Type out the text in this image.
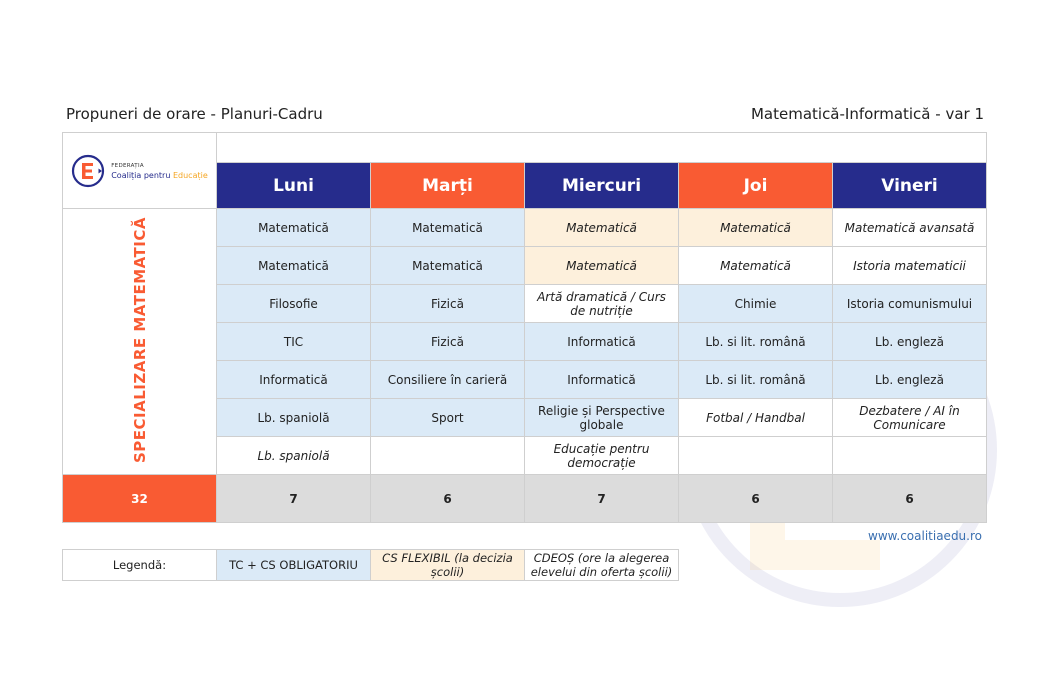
Propuneri de orare - Planuri-Cadru	Matematică-Informatică - var 1
FEDERAȚIA
Coaliția pentru Educație					

	Luni	Marți	Miercuri	Joi	Vineri
SPECIALIZARE MATEMATICĂ	Matematică	Matematică	Matematică	Matematică	Matematică avansată
	Matematică	Matematică	Matematică	Matematică	Istoria matematicii
	Filosofie	Fizică	Artă dramatică / Curs de nutriție	Chimie	Istoria comunismului
	TIC	Fizică	Informatică	Lb. si lit. română	Lb. engleză
	Informatică	Consiliere în carieră	Informatică	Lb. si lit. română	Lb. engleză
	Lb. spaniolă	Sport	Religie și Perspective globale	Fotbal / Handbal	Dezbatere / AI în Comunicare
	Lb. spaniolă		Educație pentru democrație		
32	7	6	7	6	6
www.coalitiaedu.ro
Legendă:	TC + CS OBLIGATORIU	CS FLEXIBIL (la decizia școlii)	CDEOȘ (ore la alegerea elevelui din oferta școlii)
